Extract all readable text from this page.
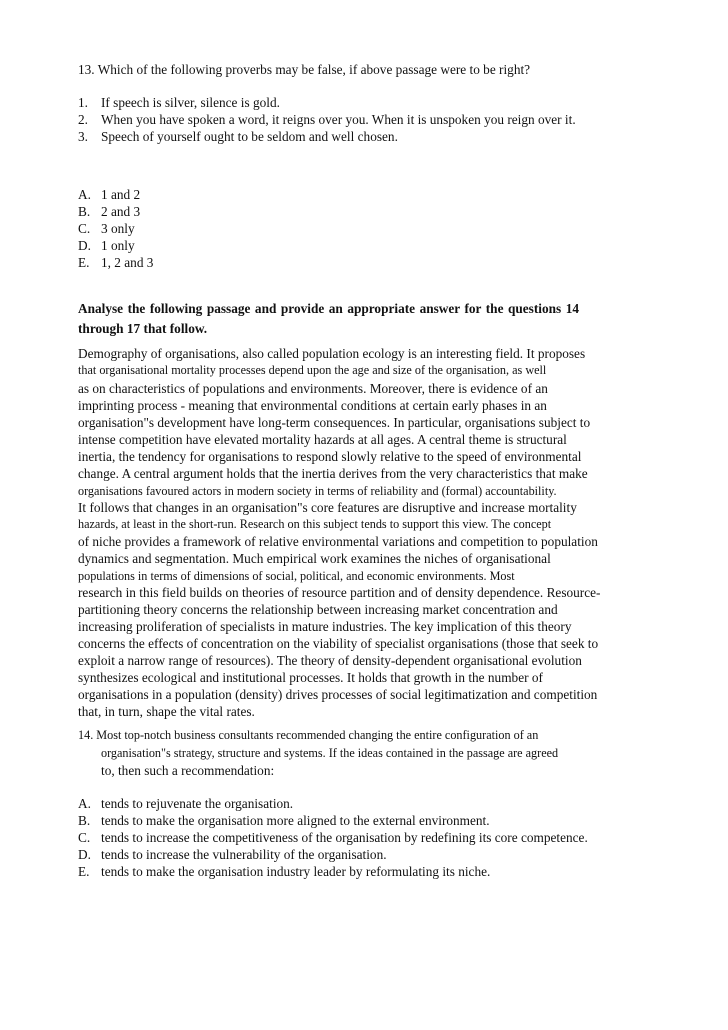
13. Which of the following proverbs may be false, if above passage were to be right?
1. If speech is silver, silence is gold.
2. When you have spoken a word, it reigns over you. When it is unspoken you reign over it.
3. Speech of yourself ought to be seldom and well chosen.
A. 1 and 2
B. 2 and 3
C. 3 only
D. 1 only
E. 1, 2 and 3
Analyse the following passage and provide an appropriate answer for the questions 14
through 17 that follow.
Demography of organisations, also called population ecology is an interesting field. It proposes
that organisational mortality processes depend upon the age and size of the organisation, as well
as on characteristics of populations and environments. Moreover, there is evidence of an
imprinting process - meaning that environmental conditions at certain early phases in an
organisation"s development have long-term consequences. In particular, organisations subject to
intense competition have elevated mortality hazards at all ages. A central theme is structural
inertia, the tendency for organisations to respond slowly relative to the speed of environmental
change. A central argument holds that the inertia derives from the very characteristics that make
organisations favoured actors in modern society in terms of reliability and (formal) accountability.
It follows that changes in an organisation"s core features are disruptive and increase mortality
hazards, at least in the short-run. Research on this subject tends to support this view. The concept
of niche provides a framework of relative environmental variations and competition to population
dynamics and segmentation. Much empirical work examines the niches of organisational
populations in terms of dimensions of social, political, and economic environments. Most
research in this field builds on theories of resource partition and of density dependence. Resource-
partitioning theory concerns the relationship between increasing market concentration and
increasing proliferation of specialists in mature industries. The key implication of this theory
concerns the effects of concentration on the viability of specialist organisations (those that seek to
exploit a narrow range of resources). The theory of density-dependent organisational evolution
synthesizes ecological and institutional processes. It holds that growth in the number of
organisations in a population (density) drives processes of social legitimatization and competition
that, in turn, shape the vital rates.
14. Most top-notch business consultants recommended changing the entire configuration of an
organisation"s strategy, structure and systems. If the ideas contained in the passage are agreed
to, then such a recommendation:
A. tends to rejuvenate the organisation.
B. tends to make the organisation more aligned to the external environment.
C. tends to increase the competitiveness of the organisation by redefining its core competence.
D. tends to increase the vulnerability of the organisation.
E. tends to make the organisation industry leader by reformulating its niche.
